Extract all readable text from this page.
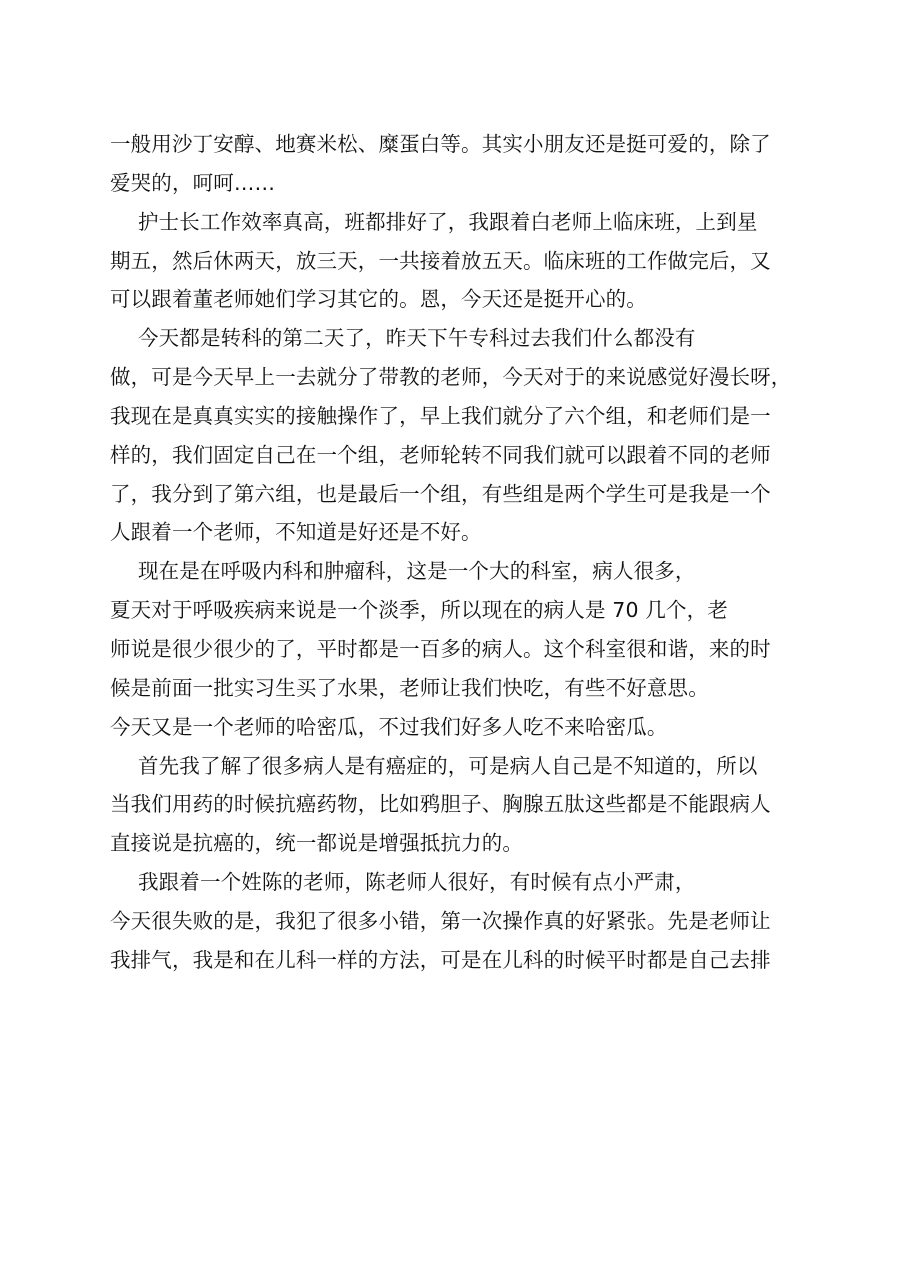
一般用沙丁安醇、地赛米松、糜蛋白等。其实小朋友还是挺可爱的，除了
爱哭的，呵呵……
护士长工作效率真高，班都排好了，我跟着白老师上临床班，上到星
期五，然后休两天，放三天，一共接着放五天。临床班的工作做完后，又
可以跟着董老师她们学习其它的。恩，今天还是挺开心的。
今天都是转科的第二天了，昨天下午专科过去我们什么都没有
做，可是今天早上一去就分了带教的老师，今天对于的来说感觉好漫长呀，
我现在是真真实实的接触操作了，早上我们就分了六个组，和老师们是一
样的，我们固定自己在一个组，老师轮转不同我们就可以跟着不同的老师
了，我分到了第六组，也是最后一个组，有些组是两个学生可是我是一个
人跟着一个老师，不知道是好还是不好。
现在是在呼吸内科和肿瘤科，这是一个大的科室，病人很多，
夏天对于呼吸疾病来说是一个淡季，所以现在的病人是 70 几个，老
师说是很少很少的了，平时都是一百多的病人。这个科室很和谐，来的时
候是前面一批实习生买了水果，老师让我们快吃，有些不好意思。
今天又是一个老师的哈密瓜，不过我们好多人吃不来哈密瓜。
首先我了解了很多病人是有癌症的，可是病人自己是不知道的，所以
当我们用药的时候抗癌药物，比如鸦胆子、胸腺五肽这些都是不能跟病人
直接说是抗癌的，统一都说是增强抵抗力的。
我跟着一个姓陈的老师，陈老师人很好，有时候有点小严肃，
今天很失败的是，我犯了很多小错，第一次操作真的好紧张。先是老师让
我排气，我是和在儿科一样的方法，可是在儿科的时候平时都是自己去排
